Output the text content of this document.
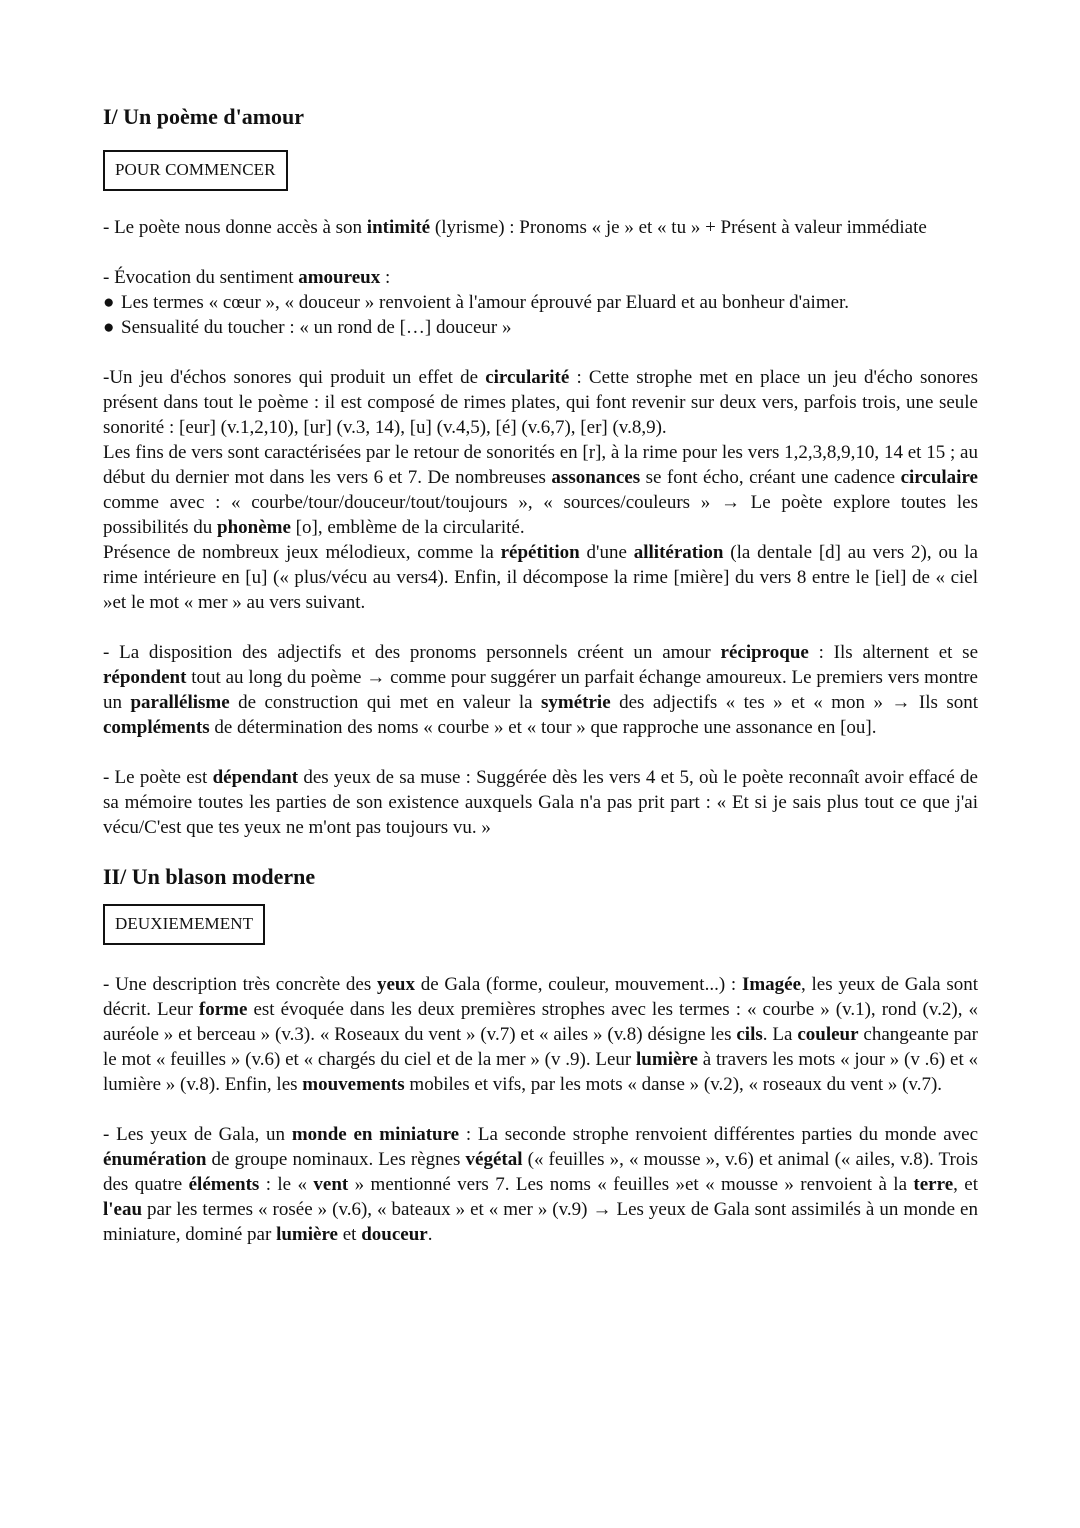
I/ Un poème d'amour
POUR COMMENCER

- Le poète nous donne accès à son intimité (lyrisme) : Pronoms « je » et « tu » + Présent à valeur immédiate

- Évocation du sentiment amoureux :

● Les termes « cœur », « douceur » renvoient à l'amour éprouvé par Eluard et au bonheur d'aimer.
● Sensualité du toucher : « un rond de […] douceur »

-Un jeu d'échos sonores qui produit un effet de circularité : Cette strophe met en place un jeu d'écho sonores présent dans tout le poème : il est composé de rimes plates, qui font revenir sur deux vers, parfois trois, une seule sonorité : [eur] (v.1,2,10), [ur] (v.3, 14), [u] (v.4,5), [é] (v.6,7), [er] (v.8,9).

Les fins de vers sont caractérisées par le retour de sonorités en [r], à la rime pour les vers 1,2,3,8,9,10, 14 et 15 ; au début du dernier mot dans les vers 6 et 7. De nombreuses assonances se font écho, créant une cadence circulaire comme avec : « courbe/tour/douceur/tout/toujours », « sources/couleurs » → Le poète explore toutes les possibilités du phonème [o], emblème de la circularité.

Présence de nombreux jeux mélodieux, comme la répétition d'une allitération (la dentale [d] au vers 2), ou la rime intérieure en [u] (« plus/vécu au vers4). Enfin, il décompose la rime [mière] du vers 8 entre le [iel] de « ciel »et le mot « mer » au vers suivant.

- La disposition des adjectifs et des pronoms personnels créent un amour réciproque : Ils alternent et se répondent tout au long du poème → comme pour suggérer un parfait échange amoureux. Le premiers vers montre un parallélisme de construction qui met en valeur la symétrie des adjectifs « tes » et « mon » → Ils sont compléments de détermination des noms « courbe » et « tour » que rapproche une assonance en [ou].

- Le poète est dépendant des yeux de sa muse : Suggérée dès les vers 4 et 5, où le poète reconnaît avoir effacé de sa mémoire toutes les parties de son existence auxquels Gala n'a pas prit part : « Et si je sais plus tout ce que j'ai vécu/C'est que tes yeux ne m'ont pas toujours vu. »

II/ Un blason moderne
DEUXIEMEMENT

- Une description très concrète des yeux de Gala (forme, couleur, mouvement...) : Imagée, les yeux de Gala sont décrit. Leur forme est évoquée dans les deux premières strophes avec les termes : « courbe » (v.1), rond (v.2), « auréole » et berceau » (v.3). « Roseaux du vent » (v.7) et « ailes » (v.8) désigne les cils. La couleur changeante par le mot « feuilles » (v.6) et « chargés du ciel et de la mer » (v .9). Leur lumière à travers les mots « jour » (v .6) et « lumière » (v.8). Enfin, les mouvements mobiles et vifs, par les mots « danse » (v.2), « roseaux du vent » (v.7).

- Les yeux de Gala, un monde en miniature : La seconde strophe renvoient différentes parties du monde avec énumération de groupe nominaux. Les règnes végétal (« feuilles », « mousse », v.6) et animal (« ailes, v.8). Trois des quatre éléments : le « vent » mentionné vers 7. Les noms « feuilles »et « mousse » renvoient à la terre, et l'eau par les termes « rosée » (v.6), « bateaux » et « mer » (v.9) → Les yeux de Gala sont assimilés à un monde en miniature, dominé par lumière et douceur.
